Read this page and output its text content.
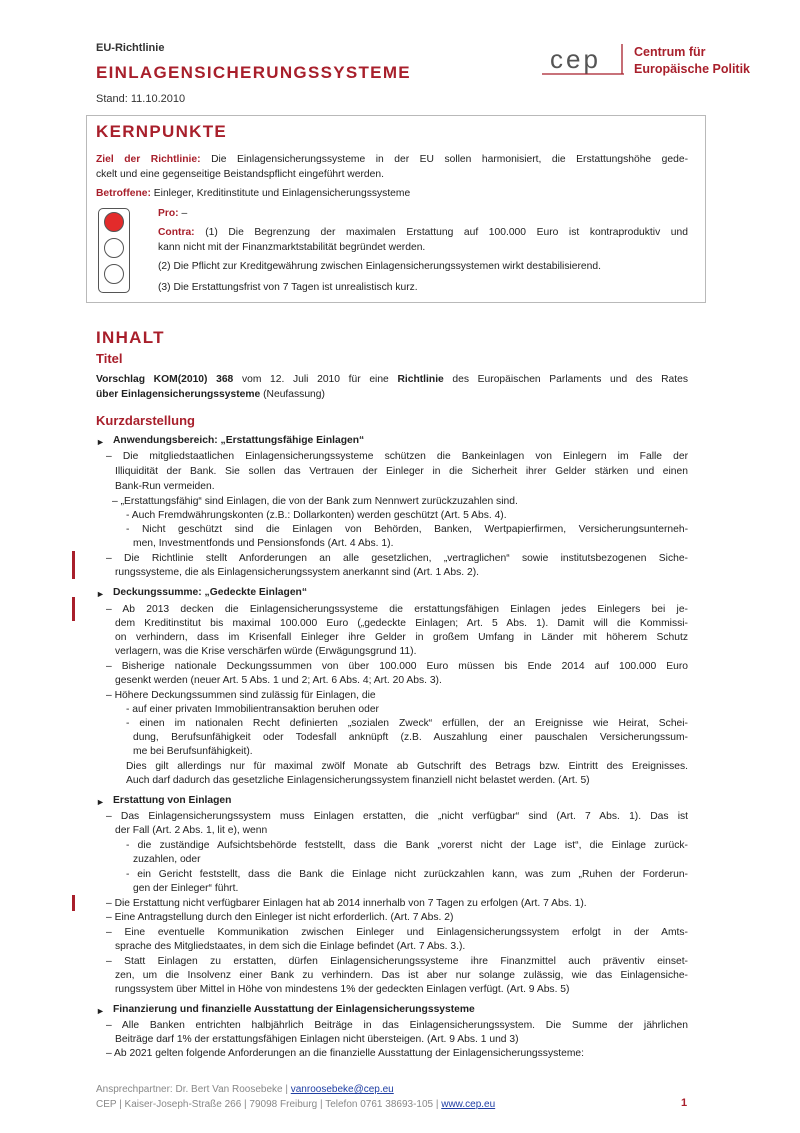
EU-Richtlinie
EINLAGENSICHERUNGSSYSTEME
Stand: 11.10.2010
cep	Centrum für
Europäische Politik
KERNPUNKTE
Ziel der Richtlinie: Die Einlagensicherungssysteme in der EU sollen harmonisiert, die Erstattungshöhe gede-
ckelt und eine gegenseitige Beistandspflicht eingeführt werden.
Betroffene: Einleger, Kreditinstitute und Einlagensicherungssysteme
Pro: –
Contra: (1) Die Begrenzung der maximalen Erstattung auf 100.000 Euro ist kontraproduktiv und
kann nicht mit der Finanzmarktstabilität begründet werden.
(2) Die Pflicht zur Kreditgewährung zwischen Einlagensicherungssystemen wirkt destabilisierend.
(3) Die Erstattungsfrist von 7 Tagen ist unrealistisch kurz.
INHALT
Titel
Vorschlag KOM(2010) 368 vom 12. Juli 2010 für eine Richtlinie des Europäischen Parlaments und des Rates
über Einlagensicherungssysteme (Neufassung)
Kurzdarstellung
► Anwendungsbereich: „Erstattungsfähige Einlagen“
– Die mitgliedstaatlichen Einlagensicherungssysteme schützen die Bankeinlagen von Einlegern im Falle der
Illiquidität der Bank. Sie sollen das Vertrauen der Einleger in die Sicherheit ihrer Gelder stärken und einen
Bank-Run vermeiden.
– „Erstattungsfähig“ sind Einlagen, die von der Bank zum Nennwert zurückzuzahlen sind.
- Auch Fremdwährungskonten (z.B.: Dollarkonten) werden geschützt (Art. 5 Abs. 4).
- Nicht geschützt sind die Einlagen von Behörden, Banken, Wertpapierfirmen, Versicherungsunterneh-
men, Investmentfonds und Pensionsfonds (Art. 4 Abs. 1).
– Die Richtlinie stellt Anforderungen an alle gesetzlichen, „vertraglichen“ sowie institutsbezogenen Siche-
rungssysteme, die als Einlagensicherungssystem anerkannt sind (Art. 1 Abs. 2).
► Deckungssumme: „Gedeckte Einlagen“
– Ab 2013 decken die Einlagensicherungssysteme die erstattungsfähigen Einlagen jedes Einlegers bei je-
dem Kreditinstitut bis maximal 100.000 Euro („gedeckte Einlagen; Art. 5 Abs. 1). Damit will die Kommissi-
on verhindern, dass im Krisenfall Einleger ihre Gelder in großem Umfang in Länder mit höherem Schutz
verlagern, was die Krise verschärfen würde (Erwägungsgrund 11).
– Bisherige nationale Deckungssummen von über 100.000 Euro müssen bis Ende 2014 auf 100.000 Euro
gesenkt werden (neuer Art. 5 Abs. 1 und 2; Art. 6 Abs. 4; Art. 20 Abs. 3).
– Höhere Deckungssummen sind zulässig für Einlagen, die
- auf einer privaten Immobilientransaktion beruhen oder
- einen im nationalen Recht definierten „sozialen Zweck“ erfüllen, der an Ereignisse wie Heirat, Schei-
dung, Berufsunfähigkeit oder Todesfall anknüpft (z.B. Auszahlung einer pauschalen Versicherungssum-
me bei Berufsunfähigkeit).
Dies gilt allerdings nur für maximal zwölf Monate ab Gutschrift des Betrags bzw. Eintritt des Ereignisses.
Auch darf dadurch das gesetzliche Einlagensicherungssystem finanziell nicht belastet werden. (Art. 5)
► Erstattung von Einlagen
– Das Einlagensicherungssystem muss Einlagen erstatten, die „nicht verfügbar“ sind (Art. 7 Abs. 1). Das ist
der Fall (Art. 2 Abs. 1, lit e), wenn
- die zuständige Aufsichtsbehörde feststellt, dass die Bank „vorerst nicht der Lage ist“, die Einlage zurück-
zuzahlen, oder
- ein Gericht feststellt, dass die Bank die Einlage nicht zurückzahlen kann, was zum „Ruhen der Forderun-
gen der Einleger“ führt.
– Die Erstattung nicht verfügbarer Einlagen hat ab 2014 innerhalb von 7 Tagen zu erfolgen (Art. 7 Abs. 1).
– Eine Antragstellung durch den Einleger ist nicht erforderlich. (Art. 7 Abs. 2)
– Eine eventuelle Kommunikation zwischen Einleger und Einlagensicherungssystem erfolgt in der Amts-
sprache des Mitgliedstaates, in dem sich die Einlage befindet (Art. 7 Abs. 3.).
– Statt Einlagen zu erstatten, dürfen Einlagensicherungssysteme ihre Finanzmittel auch präventiv einset-
zen, um die Insolvenz einer Bank zu verhindern. Das ist aber nur solange zulässig, wie das Einlagensiche-
rungssystem über Mittel in Höhe von mindestens 1% der gedeckten Einlagen verfügt. (Art. 9 Abs. 5)
► Finanzierung und finanzielle Ausstattung der Einlagensicherungssysteme
– Alle Banken entrichten halbjährlich Beiträge in das Einlagensicherungssystem. Die Summe der jährlichen
Beiträge darf 1% der erstattungsfähigen Einlagen nicht übersteigen. (Art. 9 Abs. 1 und 3)
– Ab 2021 gelten folgende Anforderungen an die finanzielle Ausstattung der Einlagensicherungssysteme:
Ansprechpartner: Dr. Bert Van Roosebeke | vanroosebeke@cep.eu
CEP | Kaiser-Joseph-Straße 266 | 79098 Freiburg | Telefon 0761 38693-105 | www.cep.eu	1
